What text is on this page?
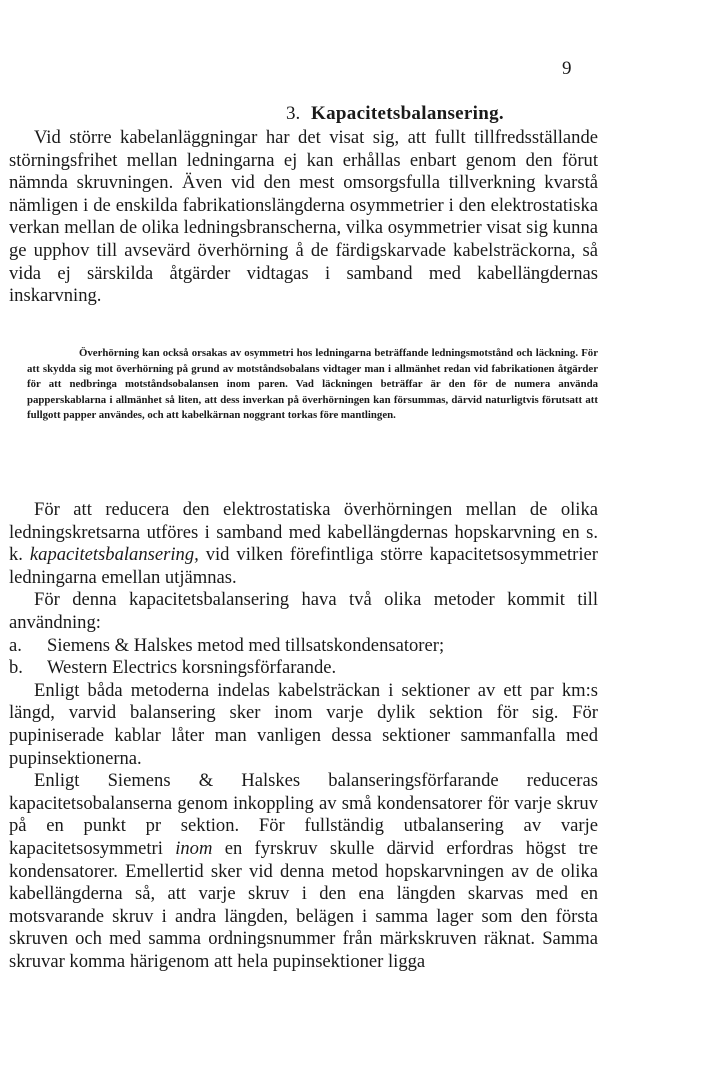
9
3. Kapacitetsbalansering.

Vid större kabelanläggningar har det visat sig, att fullt tillfredsställande störningsfrihet mellan ledningarna ej kan erhållas enbart genom den förut nämnda skruvningen. Även vid den mest omsorgsfulla tillverkning kvarstå nämligen i de enskilda fabrikationslängderna osymmetrier i den elektrostatiska verkan mellan de olika ledningsbranscherna, vilka osymmetrier visat sig kunna ge upphov till avsevärd överhörning å de färdigskarvade kabelsträckorna, så vida ej särskilda åtgärder vidtagas i samband med kabellängdernas inskarvning.

Överhörning kan också orsakas av osymmetri hos ledningarna beträffande ledningsmotstånd och läckning. För att skydda sig mot överhörning på grund av motståndsobalans vidtager man i allmänhet redan vid fabrikationen åtgärder för att nedbringa motståndsobalansen inom paren. Vad läckningen beträffar är den för de numera använda papperskablarna i allmänhet så liten, att dess inverkan på överhörningen kan försummas, därvid naturligtvis förutsatt att fullgott papper användes, och att kabelkärnan noggrant torkas före mantlingen.

För att reducera den elektrostatiska överhörningen mellan de olika ledningskretsarna utföres i samband med kabellängdernas hopskarvning en s. k. kapacitetsbalansering, vid vilken förefintliga större kapacitetsosymmetrier ledningarna emellan utjämnas.

För denna kapacitetsbalansering hava två olika metoder kommit till användning:

a. Siemens & Halskes metod med tillsatskondensatorer;

b. Western Electrics korsningsförfarande.

Enligt båda metoderna indelas kabelsträckan i sektioner av ett par km:s längd, varvid balansering sker inom varje dylik sektion för sig. För pupiniserade kablar låter man vanligen dessa sektioner sammanfalla med pupinsektionerna.

Enligt Siemens & Halskes balanseringsförfarande reduceras kapacitetsobalanserna genom inkoppling av små kondensatorer för varje skruv på en punkt pr sektion. För fullständig utbalansering av varje kapacitetsosymmetri inom en fyrskruv skulle därvid erfordras högst tre kondensatorer. Emellertid sker vid denna metod hopskarvningen av de olika kabellängderna så, att varje skruv i den ena längden skarvas med en motsvarande skruv i andra längden, belägen i samma lager som den första skruven och med samma ordningsnummer från märkskruven räknat. Samma skruvar komma härigenom att hela pupinsektioner ligga
